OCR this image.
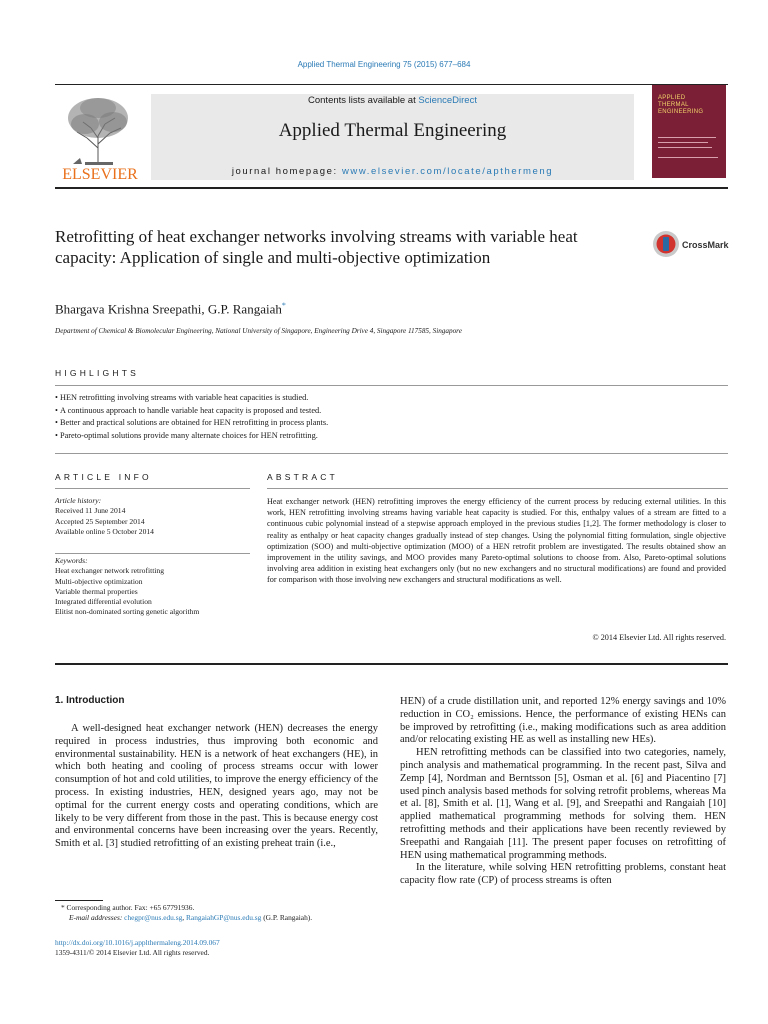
Applied Thermal Engineering 75 (2015) 677–684
ELSEVIER
Contents lists available at ScienceDirect
Applied Thermal Engineering
journal homepage: www.elsevier.com/locate/apthermeng
APPLIED
THERMAL
ENGINEERING
Retrofitting of heat exchanger networks involving streams with variable heat capacity: Application of single and multi-objective optimization
CrossMark
Bhargava Krishna Sreepathi, G.P. Rangaiah*
Department of Chemical & Biomolecular Engineering, National University of Singapore, Engineering Drive 4, Singapore 117585, Singapore
HIGHLIGHTS
• HEN retrofitting involving streams with variable heat capacities is studied.
• A continuous approach to handle variable heat capacity is proposed and tested.
• Better and practical solutions are obtained for HEN retrofitting in process plants.
• Pareto-optimal solutions provide many alternate choices for HEN retrofitting.
ARTICLE INFO
Article history:
Received 11 June 2014
Accepted 25 September 2014
Available online 5 October 2014
Keywords:
Heat exchanger network retrofitting
Multi-objective optimization
Variable thermal properties
Integrated differential evolution
Elitist non-dominated sorting genetic algorithm
ABSTRACT
Heat exchanger network (HEN) retrofitting improves the energy efficiency of the current process by reducing external utilities. In this work, HEN retrofitting involving streams having variable heat capacity is studied. For this, enthalpy values of a stream are fitted to a continuous cubic polynomial instead of a stepwise approach employed in the previous studies [1,2]. The former methodology is closer to reality as enthalpy or heat capacity changes gradually instead of step changes. Using the polynomial fitting formulation, single objective optimization (SOO) and multi-objective optimization (MOO) of a HEN retrofit problem are investigated. The results obtained show an improvement in the utility savings, and MOO provides many Pareto-optimal solutions to choose from. Also, Pareto-optimal solutions involving area addition in existing heat exchangers only (but no new exchangers and no structural modifications) are found and provided for comparison with those involving new exchangers and structural modifications as well.
© 2014 Elsevier Ltd. All rights reserved.
1. Introduction

A well-designed heat exchanger network (HEN) decreases the energy required in process industries, thus improving both economic and environmental sustainability. HEN is a network of heat exchangers (HE), in which both heating and cooling of process streams occur with lower consumption of hot and cold utilities, to improve the energy efficiency of the process. In existing industries, HEN, designed years ago, may not be optimal for the current energy costs and operating conditions, which are likely to be very different from those in the past. This is because energy cost and environmental concerns have been increasing over the years. Recently, Smith et al. [3] studied retrofitting of an existing preheat train (i.e.,

HEN) of a crude distillation unit, and reported 12% energy savings and 10% reduction in CO₂ emissions. Hence, the performance of existing HENs can be improved by retrofitting (i.e., making modifications such as area addition and/or relocating existing HE as well as installing new HEs).

HEN retrofitting methods can be classified into two categories, namely, pinch analysis and mathematical programming. In the recent past, Silva and Zemp [4], Nordman and Berntsson [5], Osman et al. [6] and Piacentino [7] used pinch analysis based methods for solving retrofit problems, whereas Ma et al. [8], Smith et al. [1], Wang et al. [9], and Sreepathi and Rangaiah [10] applied mathematical programming methods for solving them. HEN retrofitting methods and their applications have been recently reviewed by Sreepathi and Rangaiah [11]. The present paper focuses on retrofitting of HEN using mathematical programming methods.

In the literature, while solving HEN retrofitting problems, constant heat capacity flow rate (CP) of process streams is often

* Corresponding author. Fax: +65 67791936.
E-mail addresses: chegpr@nus.edu.sg, RangaiahGP@nus.edu.sg (G.P. Rangaiah).
http://dx.doi.org/10.1016/j.applthermaleng.2014.09.067
1359-4311/© 2014 Elsevier Ltd. All rights reserved.
